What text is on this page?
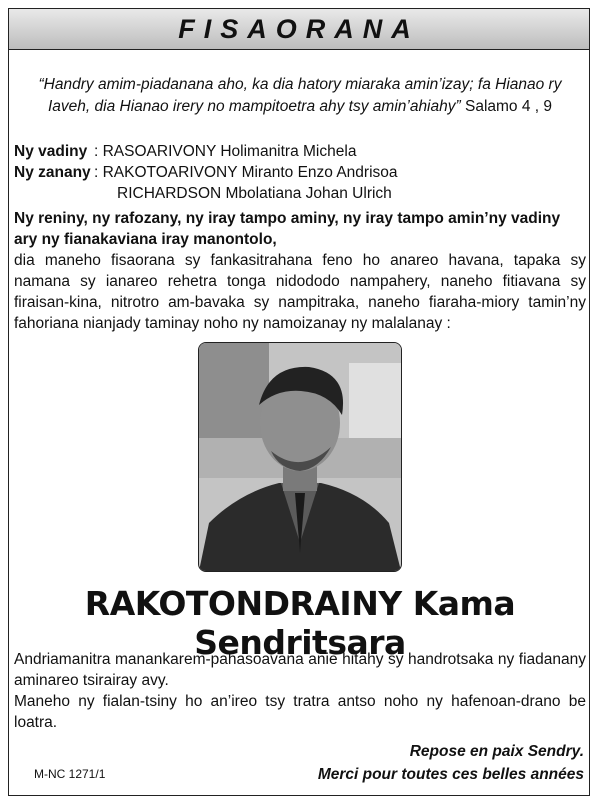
FISAORANA
“Handry amim-piadanana aho, ka dia hatory miaraka amin’izay; fa Hianao ry Iaveh, dia Hianao irery no mampitoetra ahy tsy amin’ahiahy” Salamo 4 , 9
Ny vadiny : RASOARIVONY Holimanitra Michela
Ny zanany : RAKOTOARIVONY Miranto Enzo Andrisoa
RICHARDSON Mbolatiana Johan Ulrich
Ny reniny, ny rafozany, ny iray tampo aminy, ny iray tampo amin’ny vadiny ary ny fianakaviana iray manontolo,
dia maneho fisaorana sy fankasitrahana feno ho anareo havana, tapaka sy namana sy ianareo rehetra tonga nidododo nampahery, naneho fitiavana sy firaisan-kina, nitrotro am-bavaka sy nampitraka, naneho fiaraha-miory tamin’ny fahoriana nianjady taminay noho ny namoizanay ny malalanay :
RAKOTONDRAINY Kama Sendritsara
Andriamanitra manankarem-pahasoavana anie hitahy sy handrotsaka ny fiadanany aminareo tsirairay avy.
Maneho ny fialan-tsiny ho an’ireo tsy tratra antso noho ny hafenoan-drano be loatra.
Repose en paix Sendry.
Merci pour toutes ces belles années
M-NC 1271/1
